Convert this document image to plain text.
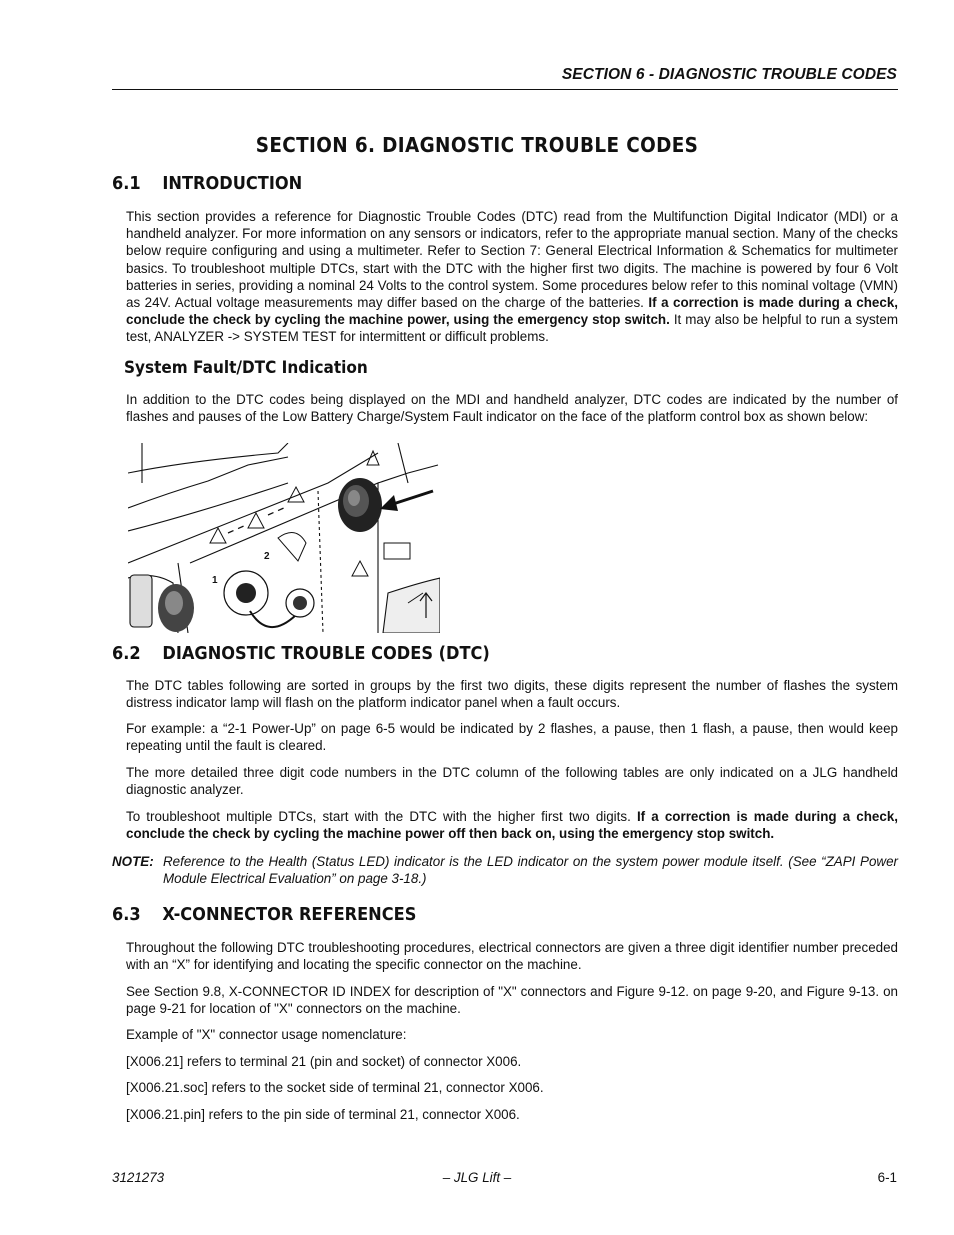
SECTION 6 - DIAGNOSTIC TROUBLE CODES
SECTION 6. DIAGNOSTIC TROUBLE CODES
6.1 INTRODUCTION
This section provides a reference for Diagnostic Trouble Codes (DTC) read from the Multifunction Digital Indicator (MDI) or a handheld analyzer. For more information on any sensors or indicators, refer to the appropriate manual section. Many of the checks below require configuring and using a multimeter. Refer to Section 7: General Electrical Information & Schematics for multimeter basics. To troubleshoot multiple DTCs, start with the DTC with the higher first two digits. The machine is powered by four 6 Volt batteries in series, providing a nominal 24 Volts to the control system. Some procedures below refer to this nominal voltage (VMN) as 24V. Actual voltage measurements may differ based on the charge of the batteries. If a correction is made during a check, conclude the check by cycling the machine power, using the emergency stop switch. It may also be helpful to run a system test, ANALYZER -> SYSTEM TEST for intermittent or difficult problems.
System Fault/DTC Indication
In addition to the DTC codes being displayed on the MDI and handheld analyzer, DTC codes are indicated by the number of flashes and pauses of the Low Battery Charge/System Fault indicator on the face of the platform control box as shown below:
1
2
6.2 DIAGNOSTIC TROUBLE CODES (DTC)
The DTC tables following are sorted in groups by the first two digits, these digits represent the number of flashes the system distress indicator lamp will flash on the platform indicator panel when a fault occurs.
For example: a “2-1 Power-Up” on page 6-5 would be indicated by 2 flashes, a pause, then 1 flash, a pause, then would keep repeating until the fault is cleared.
The more detailed three digit code numbers in the DTC column of the following tables are only indicated on a JLG handheld diagnostic analyzer.
To troubleshoot multiple DTCs, start with the DTC with the higher first two digits. If a correction is made during a check, conclude the check by cycling the machine power off then back on, using the emergency stop switch.
NOTE: Reference to the Health (Status LED) indicator is the LED indicator on the system power module itself. (See “ZAPI Power Module Electrical Evaluation” on page 3-18.)
6.3 X-CONNECTOR REFERENCES
Throughout the following DTC troubleshooting procedures, electrical connectors are given a three digit identifier number preceded with an “X” for identifying and locating the specific connector on the machine.
See Section 9.8, X-CONNECTOR ID INDEX for description of "X" connectors and Figure 9-12. on page 9-20, and Figure 9-13. on page 9-21 for location of "X" connectors on the machine.
Example of "X" connector usage nomenclature:
[X006.21] refers to terminal 21 (pin and socket) of connector X006.
[X006.21.soc] refers to the socket side of terminal 21, connector X006.
[X006.21.pin] refers to the pin side of terminal 21, connector X006.
3121273	– JLG Lift –	6-1
